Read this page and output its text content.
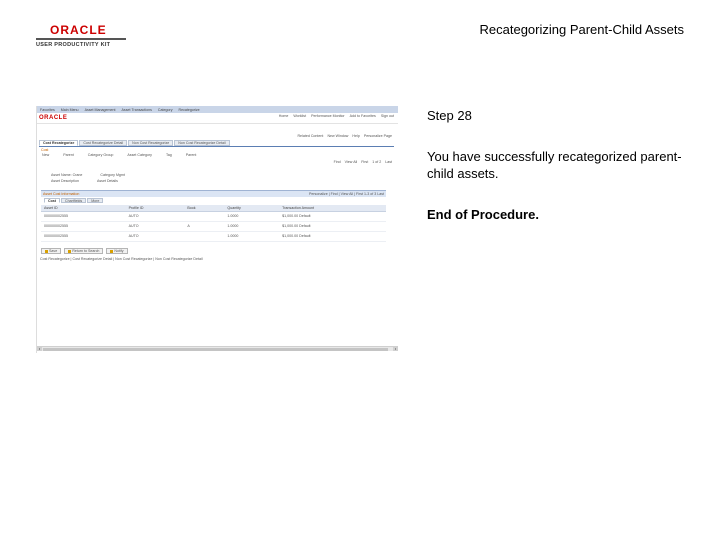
ORACLE
USER PRODUCTIVITY KIT
Recategorizing Parent-Child Assets
Step 28
You have successfully recategorized parent-child assets.
End of Procedure.
Favorites Main Menu Asset Management Asset Transactions Category Recategorize
ORACLE	Home Worklist Performance Monitor Add to Favorites Sign out
Related Content New Window Help Personalize Page
Cost Recategorize	Cost Recategorize Detail	Non Cost Recategorize	Non Cost Recategorize Detail
Cost
Find View All First 1 of 2 Last
New	Parent	Category Group	Asset Category	Tag	Parent
Asset Name: Crane	Category Mgmt
Asset Description	Asset Details
Asset Cost Information	Personalize | Find | View All | First 1-3 of 3 Last
Cost	Chartfields	More
Asset ID	Profile ID	Book	Quantity	Transaction Amount
000000002555	AUTO		1.0000	$1,000.00 Default
000000002555	AUTO	A	1.0000	$1,000.00 Default
000000002555	AUTO		1.0000	$1,000.00 Default
Save	Return to Search	Notify
Cost Recategorize | Cost Recategorize Detail | Non Cost Recategorize | Non Cost Recategorize Detail
